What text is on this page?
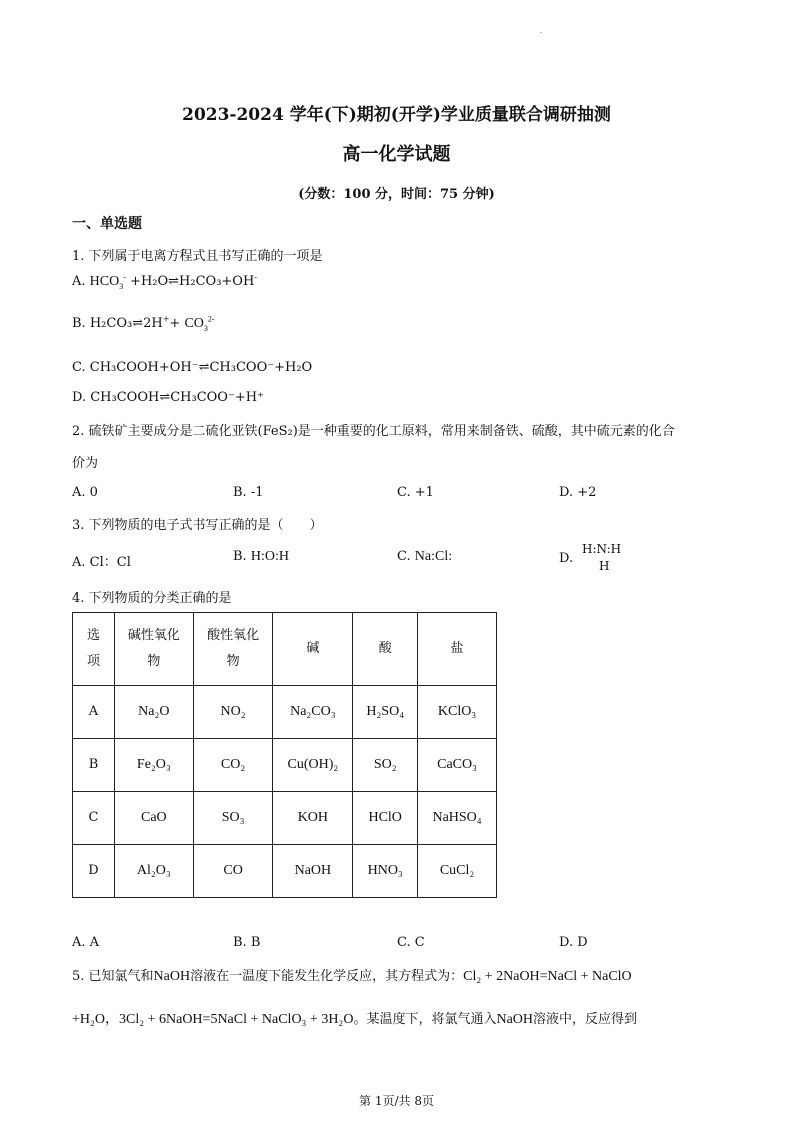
·
2023-2024 学年(下)期初(开学)学业质量联合调研抽测
高一化学试题
(分数：100 分，时间：75 分钟)
一、单选题
1. 下列属于电离方程式且书写正确的一项是
A. $HCO_3^-$ +H₂O⇌H₂CO₃+OH-
B. H₂CO₃⇌2H++ $CO_3^{2-}$
C. CH₃COOH+OH⁻⇌CH₃COO⁻+H₂O
D. CH₃COOH⇌CH₃COO⁻+H⁺
2. 硫铁矿主要成分是二硫化亚铁(FeS₂)是一种重要的化工原料，常用来制备铁、硫酸，其中硫元素的化合
价为
A. 0	B. -1	C. +1	D. +2
3. 下列物质的电子式书写正确的是（　　）
A. Cl：Cl	B. H:O:H	C. Na:Cl:	D.
H:N:H
H
4. 下列物质的分类正确的是
选项	碱性氧化物	酸性氧化物	碱	酸	盐
A	Na₂O	NO₂	Na₂CO₃	H₂SO₄	KClO₃
B	Fe₂O₃	CO₂	Cu(OH)₂	SO₂	CaCO₃
C	CaO	SO₃	KOH	HClO	NaHSO₄
D	Al₂O₃	CO	NaOH	HNO₃	CuCl₂
A. A	B. B	C. C	D. D
5. 已知氯气和NaOH溶液在一温度下能发生化学反应，其方程式为：Cl₂ + 2NaOH=NaCl + NaClO
+H₂O，3Cl₂ + 6NaOH=5NaCl + NaClO₃ + 3H₂O。某温度下，将氯气通入NaOH溶液中，反应得到
第 1页/共 8页
